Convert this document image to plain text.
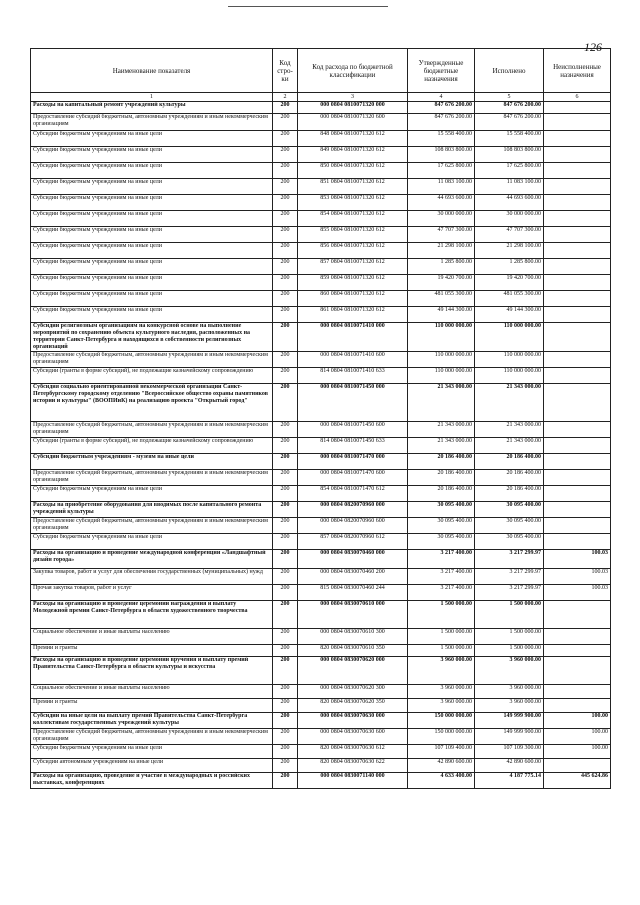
126
Наименование показателя	Код стро- ки	Код расхода по бюджетной классификации	Утвержденные бюджетные назначения	Исполнено	Неисполненные назначения
1	2	3	4	5	6
Расходы на капитальный ремонт учреждений культуры	200	000 0804 0810071320 000	847 676 200.00	847 676 200.00	
Предоставление субсидий бюджетным, автономным учреждениям и иным некоммерческим организациям	200	000 0804 0810071320 600	847 676 200.00	847 676 200.00	
Субсидии бюджетным учреждениям на иные цели	200	848 0804 0810071320 612	15 558 400.00	15 558 400.00	
Субсидии бюджетным учреждениям на иные цели	200	849 0804 0810071320 612	108 803 800.00	108 803 800.00	
Субсидии бюджетным учреждениям на иные цели	200	850 0804 0810071320 612	17 625 800.00	17 625 800.00	
Субсидии бюджетным учреждениям на иные цели	200	851 0804 0810071320 612	11 083 100.00	11 083 100.00	
Субсидии бюджетным учреждениям на иные цели	200	853 0804 0810071320 612	44 693 600.00	44 693 600.00	
Субсидии бюджетным учреждениям на иные цели	200	854 0804 0810071320 612	30 000 000.00	30 000 000.00	
Субсидии бюджетным учреждениям на иные цели	200	855 0804 0810071320 612	47 707 300.00	47 707 300.00	
Субсидии бюджетным учреждениям на иные цели	200	856 0804 0810071320 612	21 298 100.00	21 298 100.00	
Субсидии бюджетным учреждениям на иные цели	200	857 0804 0810071320 612	1 285 800.00	1 285 800.00	
Субсидии бюджетным учреждениям на иные цели	200	859 0804 0810071320 612	19 420 700.00	19 420 700.00	
Субсидии бюджетным учреждениям на иные цели	200	860 0804 0810071320 612	481 055 300.00	481 055 300.00	
Субсидии бюджетным учреждениям на иные цели	200	861 0804 0810071320 612	49 144 300.00	49 144 300.00	
Субсидии религиозным организациям на конкурсной основе на выполнение мероприятий по сохранению объекта культурного наследия, расположенных на территории Санкт-Петербурга и находящихся в собственности религиозных организаций	200	000 0804 0810071410 000	110 000 000.00	110 000 000.00	
Предоставление субсидий бюджетным, автономным учреждениям и иным некоммерческим организациям	200	000 0804 0810071410 600	110 000 000.00	110 000 000.00	
Субсидии (гранты в форме субсидий), не подлежащие казначейскому сопровождению	200	814 0804 0810071410 633	110 000 000.00	110 000 000.00	
Субсидия социально ориентированной некоммерческой организации Санкт-Петербургскому городскому отделению "Всероссийское общество охраны памятников истории и культуры" (ВООПИиК) на реализацию проекта "Открытый город"	200	000 0804 0810071450 000	21 343 000.00	21 343 000.00	
Предоставление субсидий бюджетным, автономным учреждениям и иным некоммерческим организациям	200	000 0804 0810071450 600	21 343 000.00	21 343 000.00	
Субсидии (гранты в форме субсидий), не подлежащие казначейскому сопровождению	200	814 0804 0810071450 633	21 343 000.00	21 343 000.00	
Субсидии бюджетным учреждениям - музеям на иные цели	200	000 0804 0810071470 000	20 186 400.00	20 186 400.00	
Предоставление субсидий бюджетным, автономным учреждениям и иным некоммерческим организациям	200	000 0804 0810071470 600	20 186 400.00	20 186 400.00	
Субсидии бюджетным учреждениям на иные цели	200	854 0804 0810071470 612	20 186 400.00	20 186 400.00	
Расходы на приобретение оборудования для вводимых после капитального ремонта учреждений культуры	200	000 0804 0820070960 000	30 095 400.00	30 095 400.00	
Предоставление субсидий бюджетным, автономным учреждениям и иным некоммерческим организациям	200	000 0804 0820070960 600	30 095 400.00	30 095 400.00	
Субсидии бюджетным учреждениям на иные цели	200	857 0804 0820070960 612	30 095 400.00	30 095 400.00	
Расходы на организацию и проведение международной конференции «Ландшафтный дизайн города»	200	000 0804 0830070460 000	3 217 400.00	3 217 299.97	100.03
Закупка товаров, работ и услуг для обеспечения государственных (муниципальных) нужд	200	000 0804 0830070460 200	3 217 400.00	3 217 299.97	100.03
Прочая закупка товаров, работ и услуг	200	815 0804 0830070460 244	3 217 400.00	3 217 299.97	100.03
Расходы на организацию и проведение церемонии награждения и выплату Молодежной премии Санкт-Петербурга в области художественного творчества	200	000 0804 0830070610 000	1 500 000.00	1 500 000.00	
Социальное обеспечение и иные выплаты населению	200	000 0804 0830070610 300	1 500 000.00	1 500 000.00	
Премии и гранты	200	820 0804 0830070610 350	1 500 000.00	1 500 000.00	
Расходы на организацию и проведение церемонии вручения и выплату премий Правительства Санкт-Петербурга в области культуры и искусства	200	000 0804 0830070620 000	3 960 000.00	3 960 000.00	
Социальное обеспечение и иные выплаты населению	200	000 0804 0830070620 300	3 960 000.00	3 960 000.00	
Премии и гранты	200	820 0804 0830070620 350	3 960 000.00	3 960 000.00	
Субсидии на иные цели на выплату премий Правительства Санкт-Петербурга коллективам государственных учреждений культуры	200	000 0804 0830070630 000	150 000 000.00	149 999 900.00	100.00
Предоставление субсидий бюджетным, автономным учреждениям и иным некоммерческим организациям	200	000 0804 0830070630 600	150 000 000.00	149 999 900.00	100.00
Субсидии бюджетным учреждениям на иные цели	200	820 0804 0830070630 612	107 109 400.00	107 109 300.00	100.00
Субсидии автономным учреждениям на иные цели	200	820 0804 0830070630 622	42 890 600.00	42 890 600.00	
Расходы на организацию, проведение и участие в международных и российских выставках, конференциях	200	000 0804 0830071140 000	4 633 400.00	4 187 775.14	445 624.86
